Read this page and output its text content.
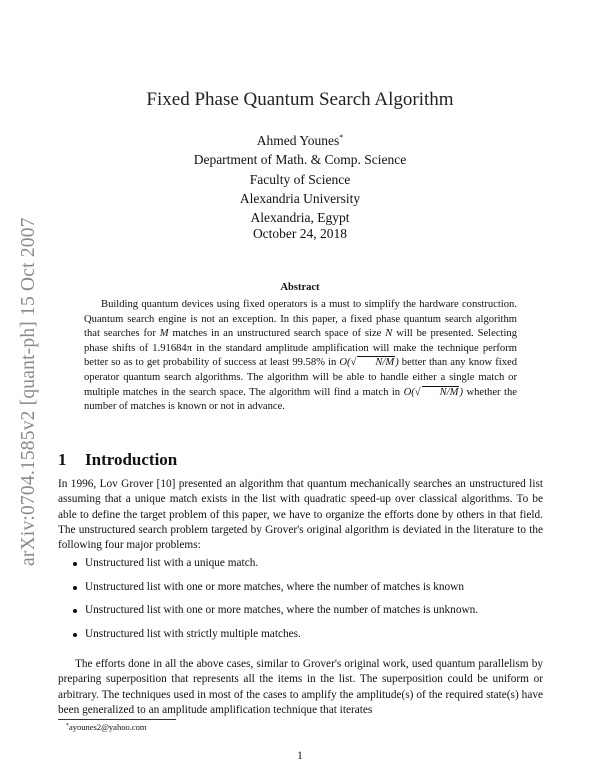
arXiv:0704.1585v2 [quant-ph] 15 Oct 2007
Fixed Phase Quantum Search Algorithm
Ahmed Younes*
Department of Math. & Comp. Science
Faculty of Science
Alexandria University
Alexandria, Egypt
October 24, 2018
Abstract
Building quantum devices using fixed operators is a must to simplify the hardware construction. Quantum search engine is not an exception. In this paper, a fixed phase quantum search algorithm that searches for M matches in an unstructured search space of size N will be presented. Selecting phase shifts of 1.91684π in the standard amplitude amplification will make the technique perform better so as to get probability of success at least 99.58% in O(√ N/M) better than any know fixed operator quantum search algorithms. The algorithm will be able to handle either a single match or multiple matches in the search space. The algorithm will find a match in O(√ N/M) whether the number of matches is known or not in advance.
1 Introduction
In 1996, Lov Grover [10] presented an algorithm that quantum mechanically searches an unstructured list assuming that a unique match exists in the list with quadratic speed-up over classical algorithms. To be able to define the target problem of this paper, we have to organize the efforts done by others in that field. The unstructured search problem targeted by Grover's original algorithm is deviated in the literature to the following four major problems:
Unstructured list with a unique match.
Unstructured list with one or more matches, where the number of matches is known
Unstructured list with one or more matches, where the number of matches is unknown.
Unstructured list with strictly multiple matches.
The efforts done in all the above cases, similar to Grover's original work, used quantum parallelism by preparing superposition that represents all the items in the list. The superposition could be uniform or arbitrary. The techniques used in most of the cases to amplify the amplitude(s) of the required state(s) have been generalized to an amplitude amplification technique that iterates
*ayounes2@yahoo.com
1
